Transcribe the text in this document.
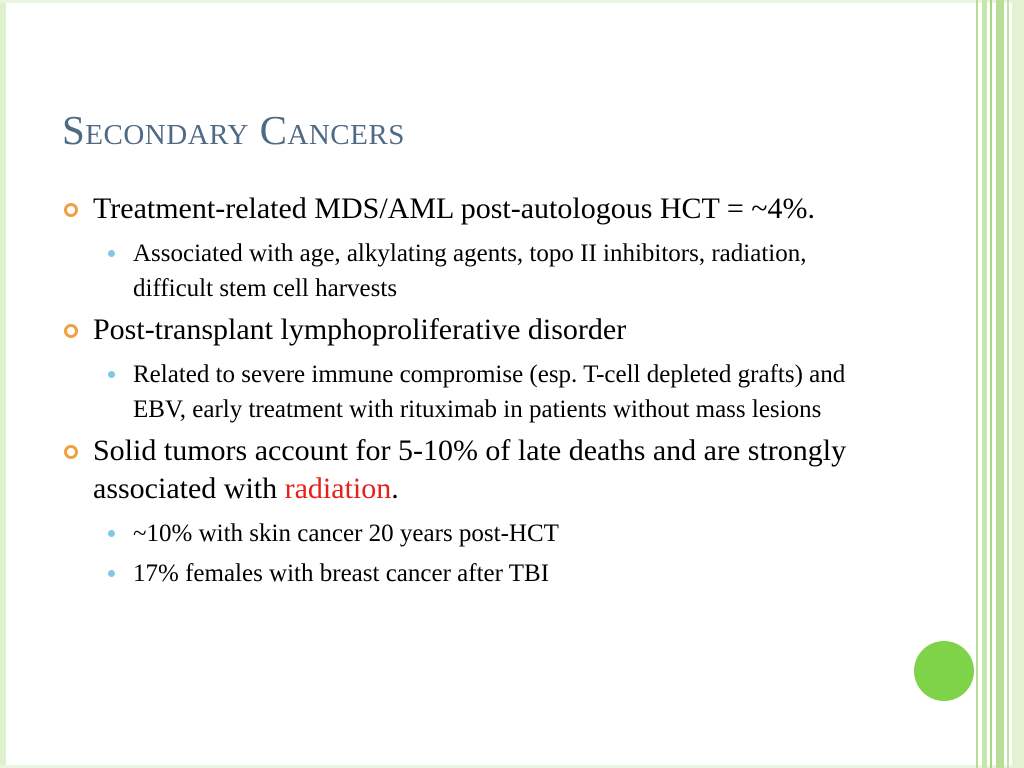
Secondary Cancers
Treatment-related MDS/AML post-autologous HCT = ~4%.
Associated with age, alkylating agents, topo II inhibitors, radiation, difficult stem cell harvests
Post-transplant lymphoproliferative disorder
Related to severe immune compromise (esp. T-cell depleted grafts) and EBV, early treatment with rituximab in patients without mass lesions
Solid tumors account for 5-10% of late deaths and are strongly associated with radiation.
~10% with skin cancer 20 years post-HCT
17% females with breast cancer after TBI
